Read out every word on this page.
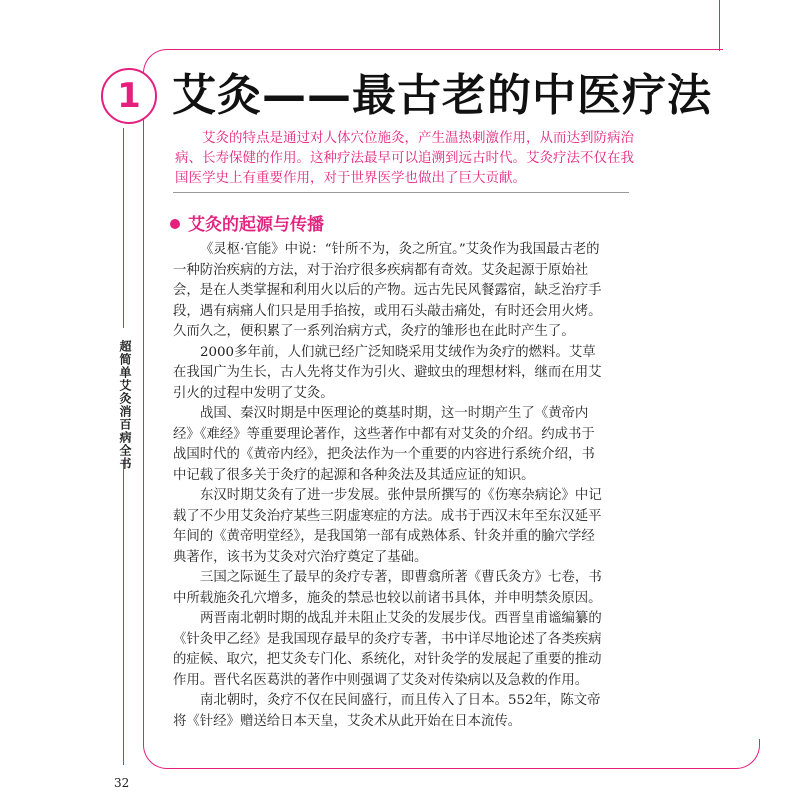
超简单艾灸消百病全书
1 艾灸——最古老的中医疗法
艾灸的特点是通过对人体穴位施灸，产生温热刺激作用，从而达到防病治病、长寿保健的作用。这种疗法最早可以追溯到远古时代。艾灸疗法不仅在我国医学史上有重要作用，对于世界医学也做出了巨大贡献。
艾灸的起源与传播

《灵枢·官能》中说：“针所不为，灸之所宜。”艾灸作为我国最古老的一种防治疾病的方法，对于治疗很多疾病都有奇效。艾灸起源于原始社会，是在人类掌握和利用火以后的产物。远古先民风餐露宿，缺乏治疗手段，遇有病痛人们只是用手掐按，或用石头敲击痛处，有时还会用火烤。久而久之，便积累了一系列治病方式，灸疗的雏形也在此时产生了。

2000多年前，人们就已经广泛知晓采用艾绒作为灸疗的燃料。艾草在我国广为生长，古人先将艾作为引火、避蚊虫的理想材料，继而在用艾引火的过程中发明了艾灸。

战国、秦汉时期是中医理论的奠基时期，这一时期产生了《黄帝内经》《难经》等重要理论著作，这些著作中都有对艾灸的介绍。约成书于战国时代的《黄帝内经》，把灸法作为一个重要的内容进行系统介绍，书中记载了很多关于灸疗的起源和各种灸法及其适应证的知识。

东汉时期艾灸有了进一步发展。张仲景所撰写的《伤寒杂病论》中记载了不少用艾灸治疗某些三阴虚寒症的方法。成书于西汉末年至东汉延平年间的《黄帝明堂经》，是我国第一部有成熟体系、针灸并重的腧穴学经典著作，该书为艾灸对穴治疗奠定了基础。

三国之际诞生了最早的灸疗专著，即曹翕所著《曹氏灸方》七卷，书中所载施灸孔穴增多，施灸的禁忌也较以前诸书具体，并申明禁灸原因。

两晋南北朝时期的战乱并未阻止艾灸的发展步伐。西晋皇甫谧编纂的《针灸甲乙经》是我国现存最早的灸疗专著，书中详尽地论述了各类疾病的症候、取穴，把艾灸专门化、系统化，对针灸学的发展起了重要的推动作用。晋代名医葛洪的著作中则强调了艾灸对传染病以及急救的作用。

南北朝时，灸疗不仅在民间盛行，而且传入了日本。552年，陈文帝将《针经》赠送给日本天皇，艾灸术从此开始在日本流传。

32
